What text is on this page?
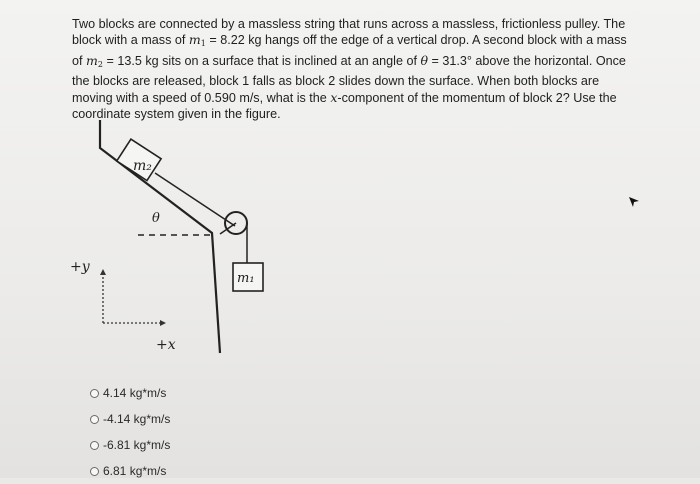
Two blocks are connected by a massless string that runs across a massless, frictionless pulley. The block with a mass of $m_1 = 8.22$ kg hangs off the edge of a vertical drop. A second block with a mass of $m_2 = 13.5$ kg sits on a surface that is inclined at an angle of θ = 31.3° above the horizontal. Once the blocks are released, block 1 falls as block 2 slides down the surface. When both blocks are moving with a speed of 0.590 m/s, what is the x-component of the momentum of block 2? Use the coordinate system given in the figure.
m₂
m₁
θ
+y
+x
4.14 kg*m/s
-4.14 kg*m/s
-6.81 kg*m/s
6.81 kg*m/s
